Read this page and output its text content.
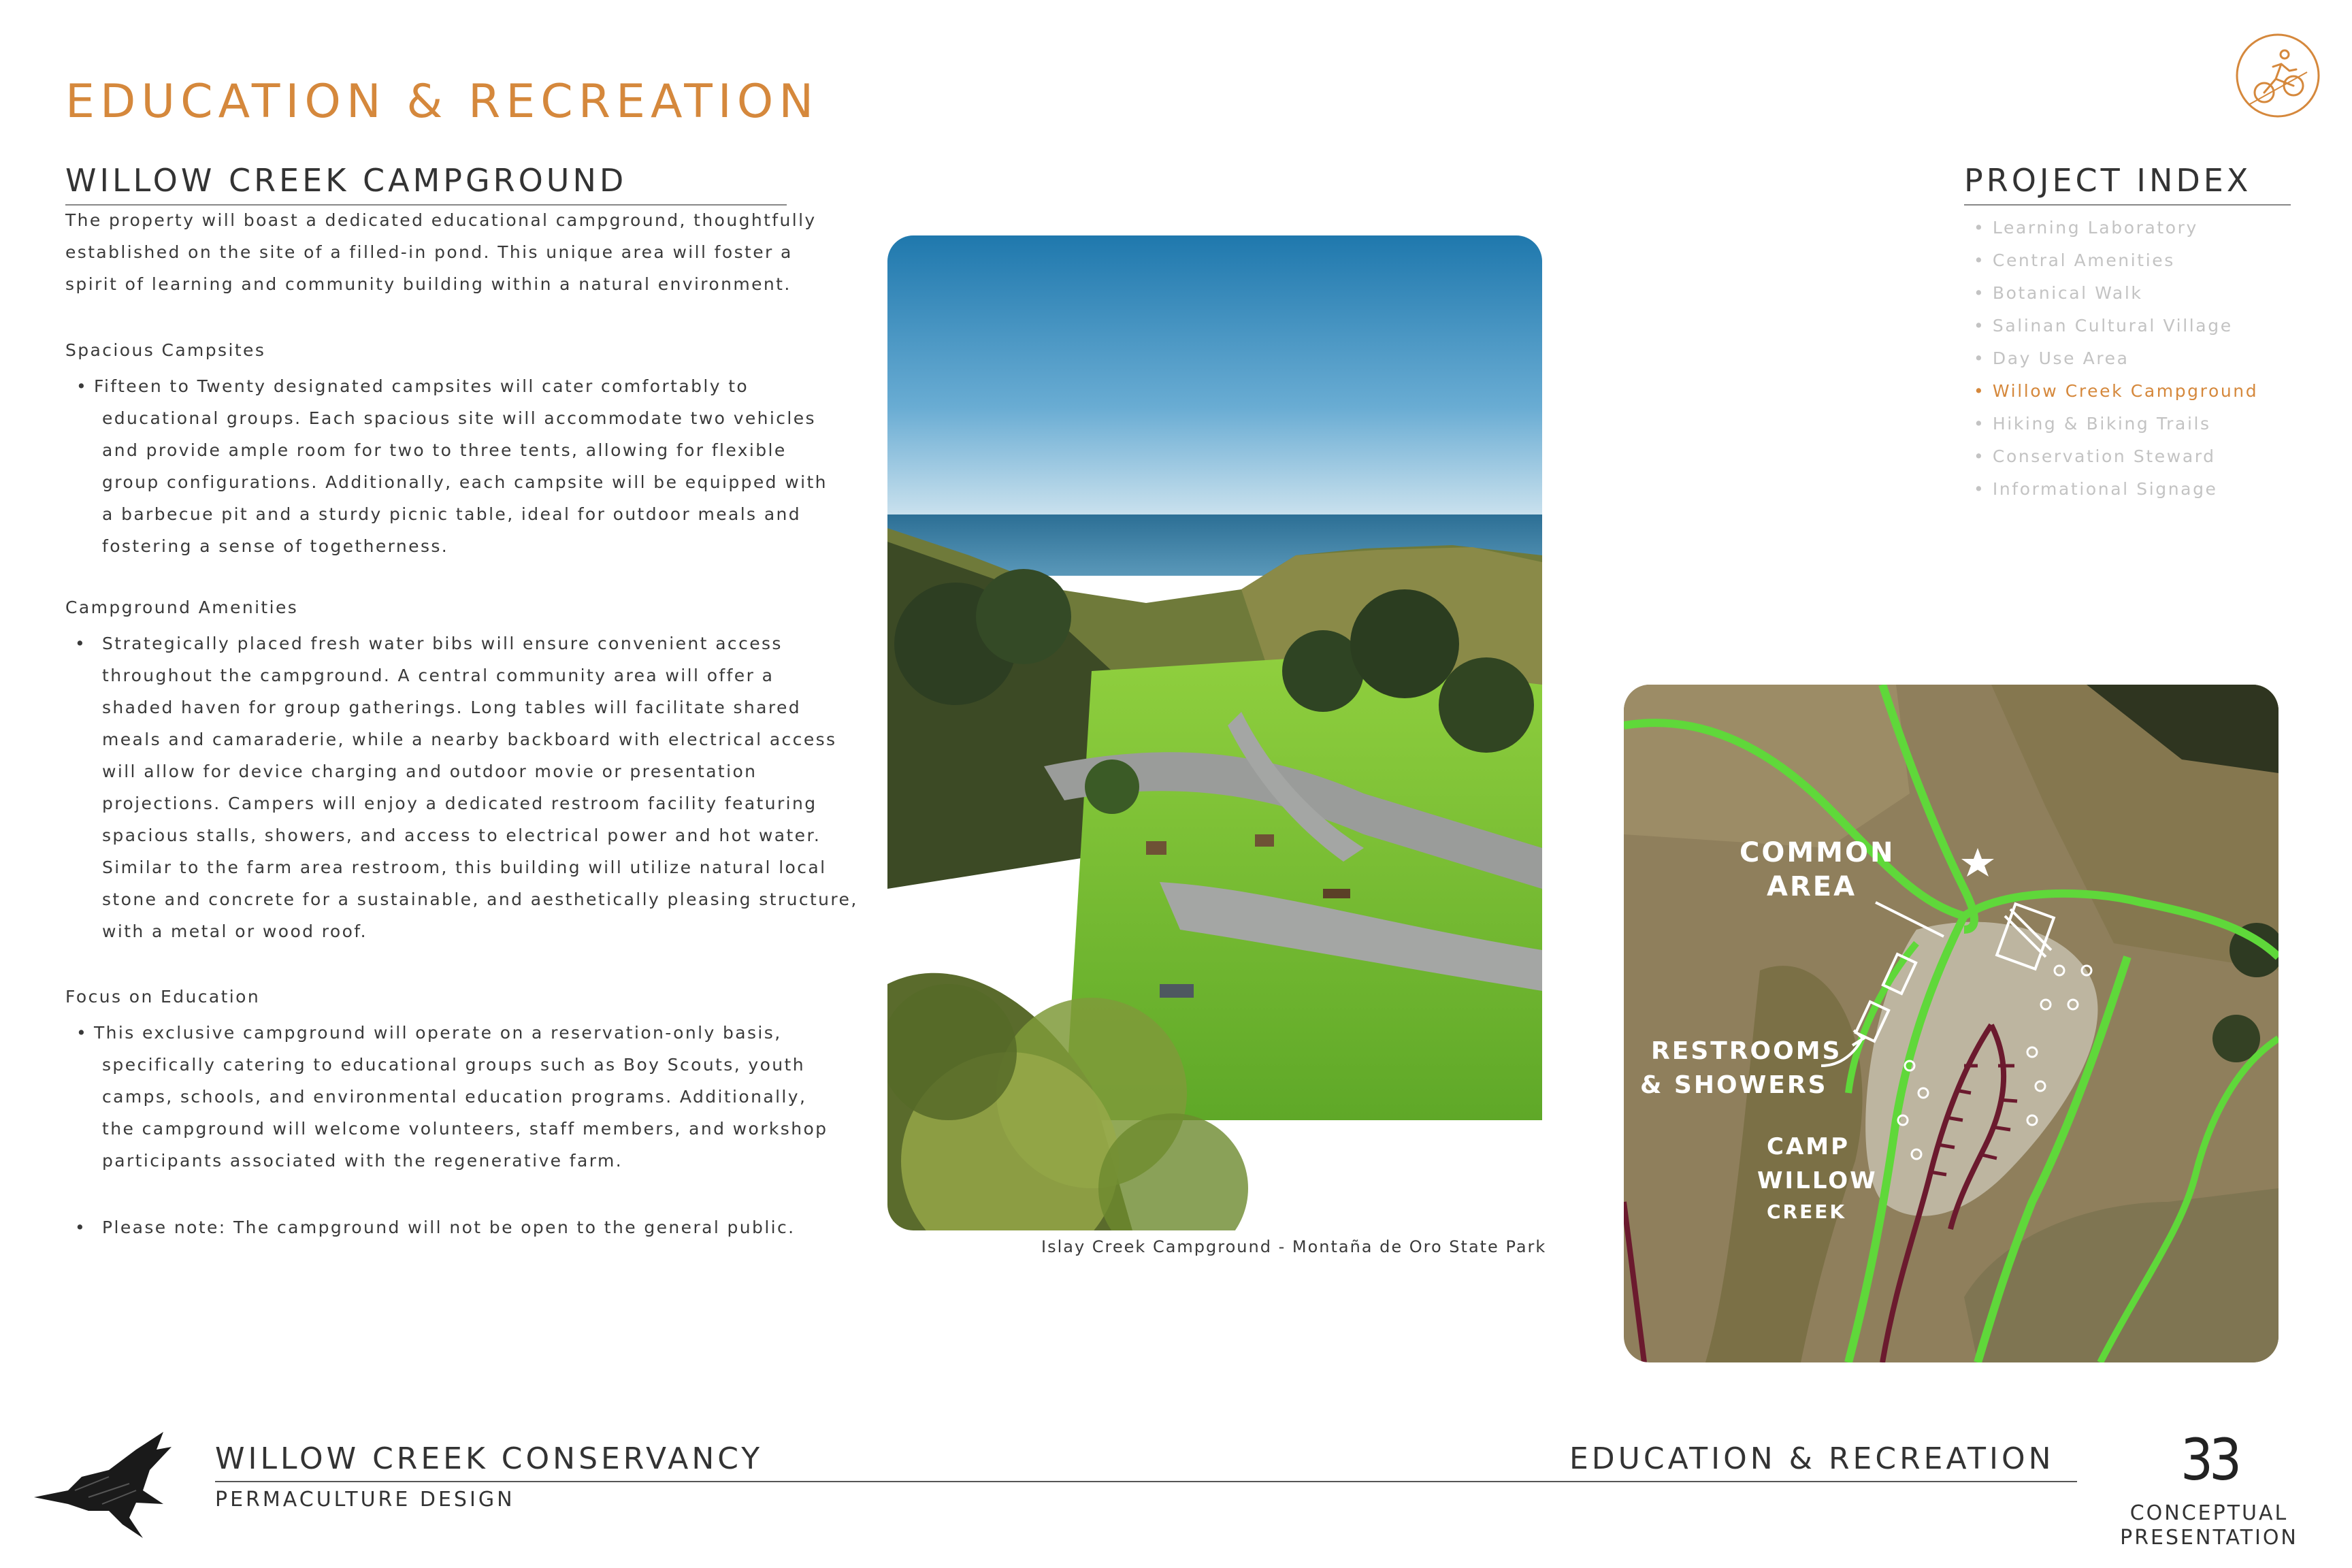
EDUCATION & RECREATION
WILLOW CREEK CAMPGROUND
The property will boast a dedicated educational campground, thoughtfully
established on the site of a filled-in pond. This unique area will foster a
spirit of learning and community building within a natural environment.
Spacious Campsites
• Fifteen to Twenty designated campsites will cater comfortably to
educational groups. Each spacious site will accommodate two vehicles
and provide ample room for two to three tents, allowing for flexible
group configurations. Additionally, each campsite will be equipped with
a barbecue pit and a sturdy picnic table, ideal for outdoor meals and
fostering a sense of togetherness.
Campground Amenities
• Strategically placed fresh water bibs will ensure convenient access
throughout the campground. A central community area will offer a
shaded haven for group gatherings. Long tables will facilitate shared
meals and camaraderie, while a nearby backboard with electrical access
will allow for device charging and outdoor movie or presentation
projections. Campers will enjoy a dedicated restroom facility featuring
spacious stalls, showers, and access to electrical power and hot water.
Similar to the farm area restroom, this building will utilize natural local
stone and concrete for a sustainable, and aesthetically pleasing structure,
with a metal or wood roof.
Focus on Education
• This exclusive campground will operate on a reservation-only basis,
specifically catering to educational groups such as Boy Scouts, youth
camps, schools, and environmental education programs. Additionally,
the campground will welcome volunteers, staff members, and workshop
participants associated with the regenerative farm.
• Please note: The campground will not be open to the general public.
Islay Creek Campground - Montaña de Oro State Park
COMMON
AREA
RESTROOMS
& SHOWERS
CAMP
WILLOW
CREEK
PROJECT INDEX
• Learning Laboratory
• Central Amenities
• Botanical Walk
• Salinan Cultural Village
• Day Use Area
• Willow Creek Campground
• Hiking & Biking Trails
• Conservation Steward
• Informational Signage
WILLOW CREEK CONSERVANCY
PERMACULTURE DESIGN
EDUCATION & RECREATION 33
CONCEPTUAL
PRESENTATION
